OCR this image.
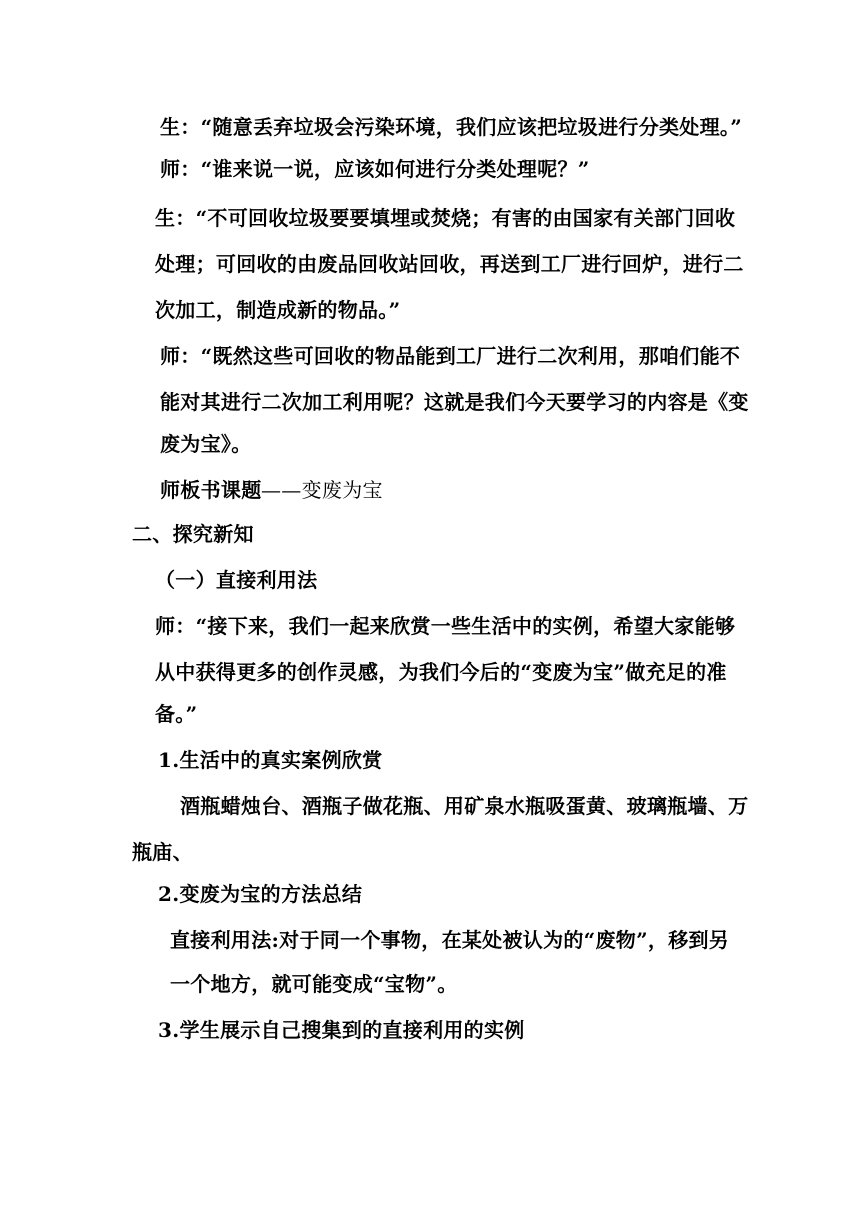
生：“随意丢弃垃圾会污染环境，我们应该把垃圾进行分类处理。”
师：“谁来说一说，应该如何进行分类处理呢？”
生：“不可回收垃圾要要填埋或焚烧；有害的由国家有关部门回收
处理；可回收的由废品回收站回收，再送到工厂进行回炉，进行二
次加工，制造成新的物品。”
师：“既然这些可回收的物品能到工厂进行二次利用，那咱们能不
能对其进行二次加工利用呢？这就是我们今天要学习的内容是《变
废为宝》。
师板书课题 ——变废为宝
二、探究新知
（一）直接利用法
师：“接下来，我们一起来欣赏一些生活中的实例，希望大家能够
从中获得更多的创作灵感，为我们今后的“变废为宝”做充足的准
备。”
1.生活中的真实案例欣赏
酒瓶蜡烛台、酒瓶子做花瓶、用矿泉水瓶吸蛋黄、玻璃瓶墙、万
瓶庙、
2.变废为宝的方法总结
直接利用法:对于同一个事物，在某处被认为的“废物”，移到另
一个地方，就可能变成“宝物”。
3.学生展示自己搜集到的直接利用的实例
